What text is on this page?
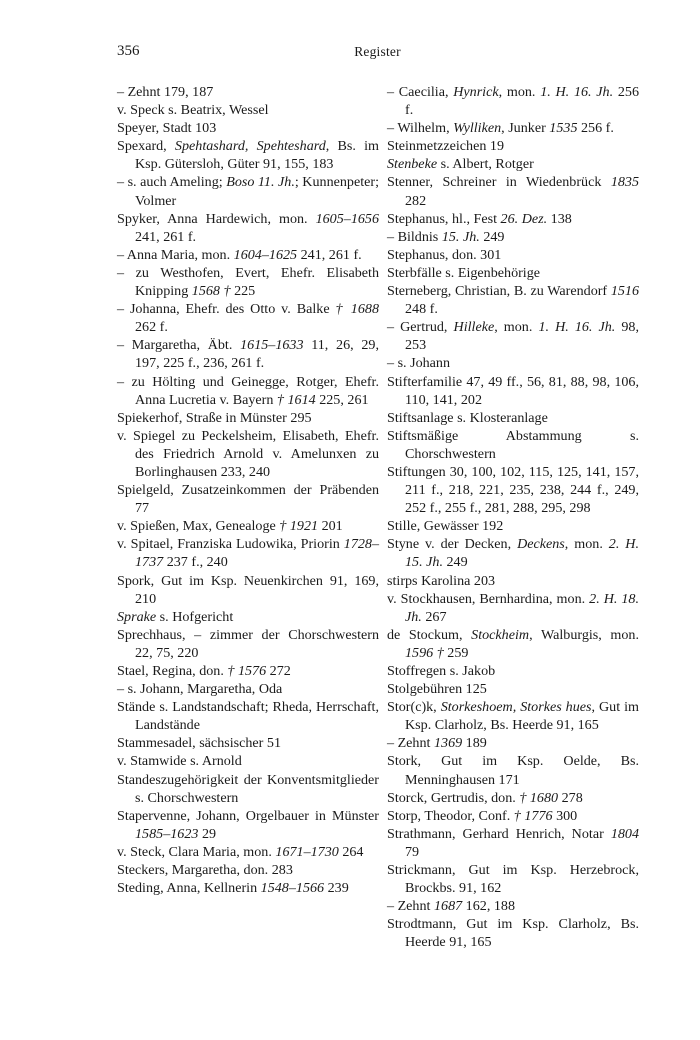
356	Register

– Zehnt 179, 187

v. Speck s. Beatrix, Wessel

Speyer, Stadt 103

Spexard, Spehtashard, Spehteshard, Bs. im Ksp. Gütersloh, Güter 91, 155, 183

– s. auch Ameling; Boso 11. Jh.; Kunnenpeter; Volmer

Spyker, Anna Hardewich, mon. 1605–1656 241, 261 f.

– Anna Maria, mon. 1604–1625 241, 261 f.

– zu Westhofen, Evert, Ehefr. Elisabeth Knipping 1568 † 225

– Johanna, Ehefr. des Otto v. Balke † 1688 262 f.

– Margaretha, Äbt. 1615–1633 11, 26, 29, 197, 225 f., 236, 261 f.

– zu Hölting und Geinegge, Rotger, Ehefr. Anna Lucretia v. Bayern † 1614 225, 261

Spiekerhof, Straße in Münster 295

v. Spiegel zu Peckelsheim, Elisabeth, Ehefr. des Friedrich Arnold v. Amelunxen zu Borlinghausen 233, 240

Spielgeld, Zusatzeinkommen der Präbenden 77

v. Spießen, Max, Genealoge † 1921 201

v. Spitael, Franziska Ludowika, Priorin 1728–1737 237 f., 240

Spork, Gut im Ksp. Neuenkirchen 91, 169, 210

Sprake s. Hofgericht

Sprechhaus, – zimmer der Chorschwestern 22, 75, 220

Stael, Regina, don. † 1576 272

– s. Johann, Margaretha, Oda

Stände s. Landstandschaft; Rheda, Herrschaft, Landstände

Stammesadel, sächsischer 51

v. Stamwide s. Arnold

Standeszugehörigkeit der Konventsmitglieder s. Chorschwestern

Stapervenne, Johann, Orgelbauer in Münster 1585–1623 29

v. Steck, Clara Maria, mon. 1671–1730 264

Steckers, Margaretha, don. 283

Steding, Anna, Kellnerin 1548–1566 239

– Caecilia, Hynrick, mon. 1. H. 16. Jh. 256 f.

– Wilhelm, Wylliken, Junker 1535 256 f.

Steinmetzzeichen 19

Stenbeke s. Albert, Rotger

Stenner, Schreiner in Wiedenbrück 1835 282

Stephanus, hl., Fest 26. Dez. 138

– Bildnis 15. Jh. 249

Stephanus, don. 301

Sterbfälle s. Eigenbehörige

Sterneberg, Christian, B. zu Warendorf 1516 248 f.

– Gertrud, Hilleke, mon. 1. H. 16. Jh. 98, 253

– s. Johann

Stifterfamilie 47, 49 ff., 56, 81, 88, 98, 106, 110, 141, 202

Stiftsanlage s. Klosteranlage

Stiftsmäßige Abstammung s. Chorschwestern

Stiftungen 30, 100, 102, 115, 125, 141, 157, 211 f., 218, 221, 235, 238, 244 f., 249, 252 f., 255 f., 281, 288, 295, 298

Stille, Gewässer 192

Styne v. der Decken, Deckens, mon. 2. H. 15. Jh. 249

stirps Karolina 203

v. Stockhausen, Bernhardina, mon. 2. H. 18. Jh. 267

de Stockum, Stockheim, Walburgis, mon. 1596 † 259

Stoffregen s. Jakob

Stolgebühren 125

Stor(c)k, Storkeshoem, Storkes hues, Gut im Ksp. Clarholz, Bs. Heerde 91, 165

– Zehnt 1369 189

Stork, Gut im Ksp. Oelde, Bs. Menninghausen 171

Storck, Gertrudis, don. † 1680 278

Storp, Theodor, Conf. † 1776 300

Strathmann, Gerhard Henrich, Notar 1804 79

Strickmann, Gut im Ksp. Herzebrock, Brockbs. 91, 162

– Zehnt 1687 162, 188

Strodtmann, Gut im Ksp. Clarholz, Bs. Heerde 91, 165
